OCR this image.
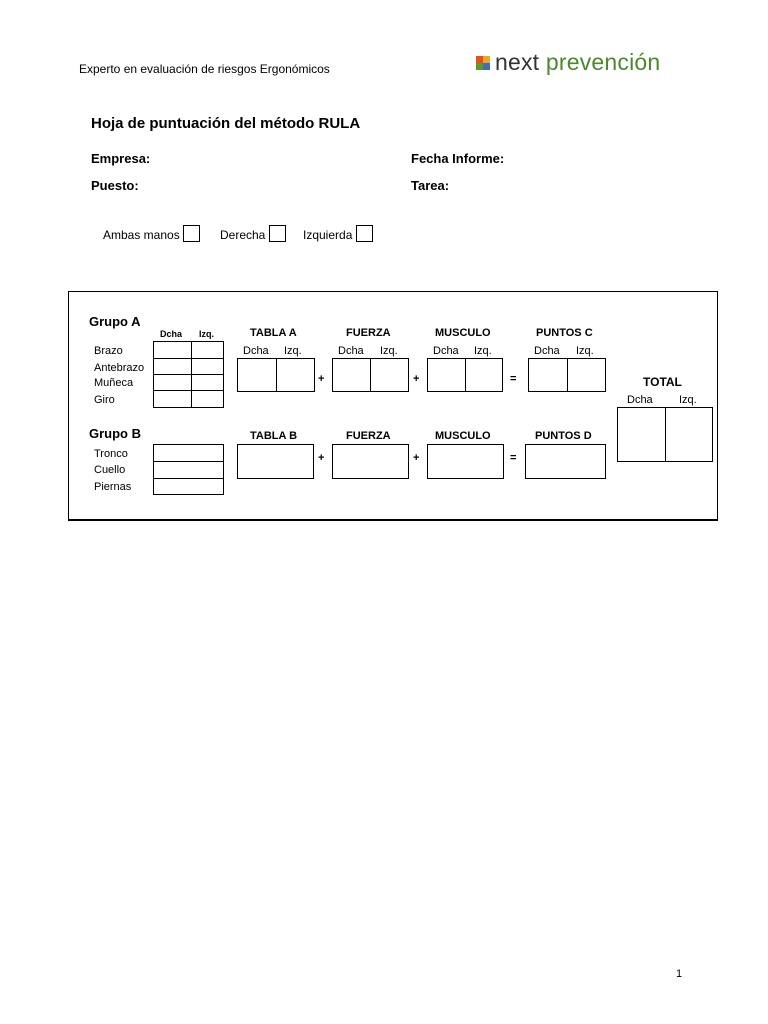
Experto en evaluación de riesgos Ergonómicos	next prevención
Hoja de puntuación del método RULA
Empresa:	Fecha Informe:
Puesto:	Tarea:
Ambas manos	Derecha	Izquierda
Grupo A
Dcha Izq.
Brazo
Antebrazo
Muñeca
Giro
TABLA A	FUERZA	MUSCULO	PUNTOS C
Dcha Izq.	Dcha Izq.	Dcha Izq.	Dcha Izq.
+	+	=
Grupo B
Tronco
Cuello
Piernas
TABLA B	FUERZA	MUSCULO	PUNTOS D
+	+	=
TOTAL
Dcha Izq.
1
